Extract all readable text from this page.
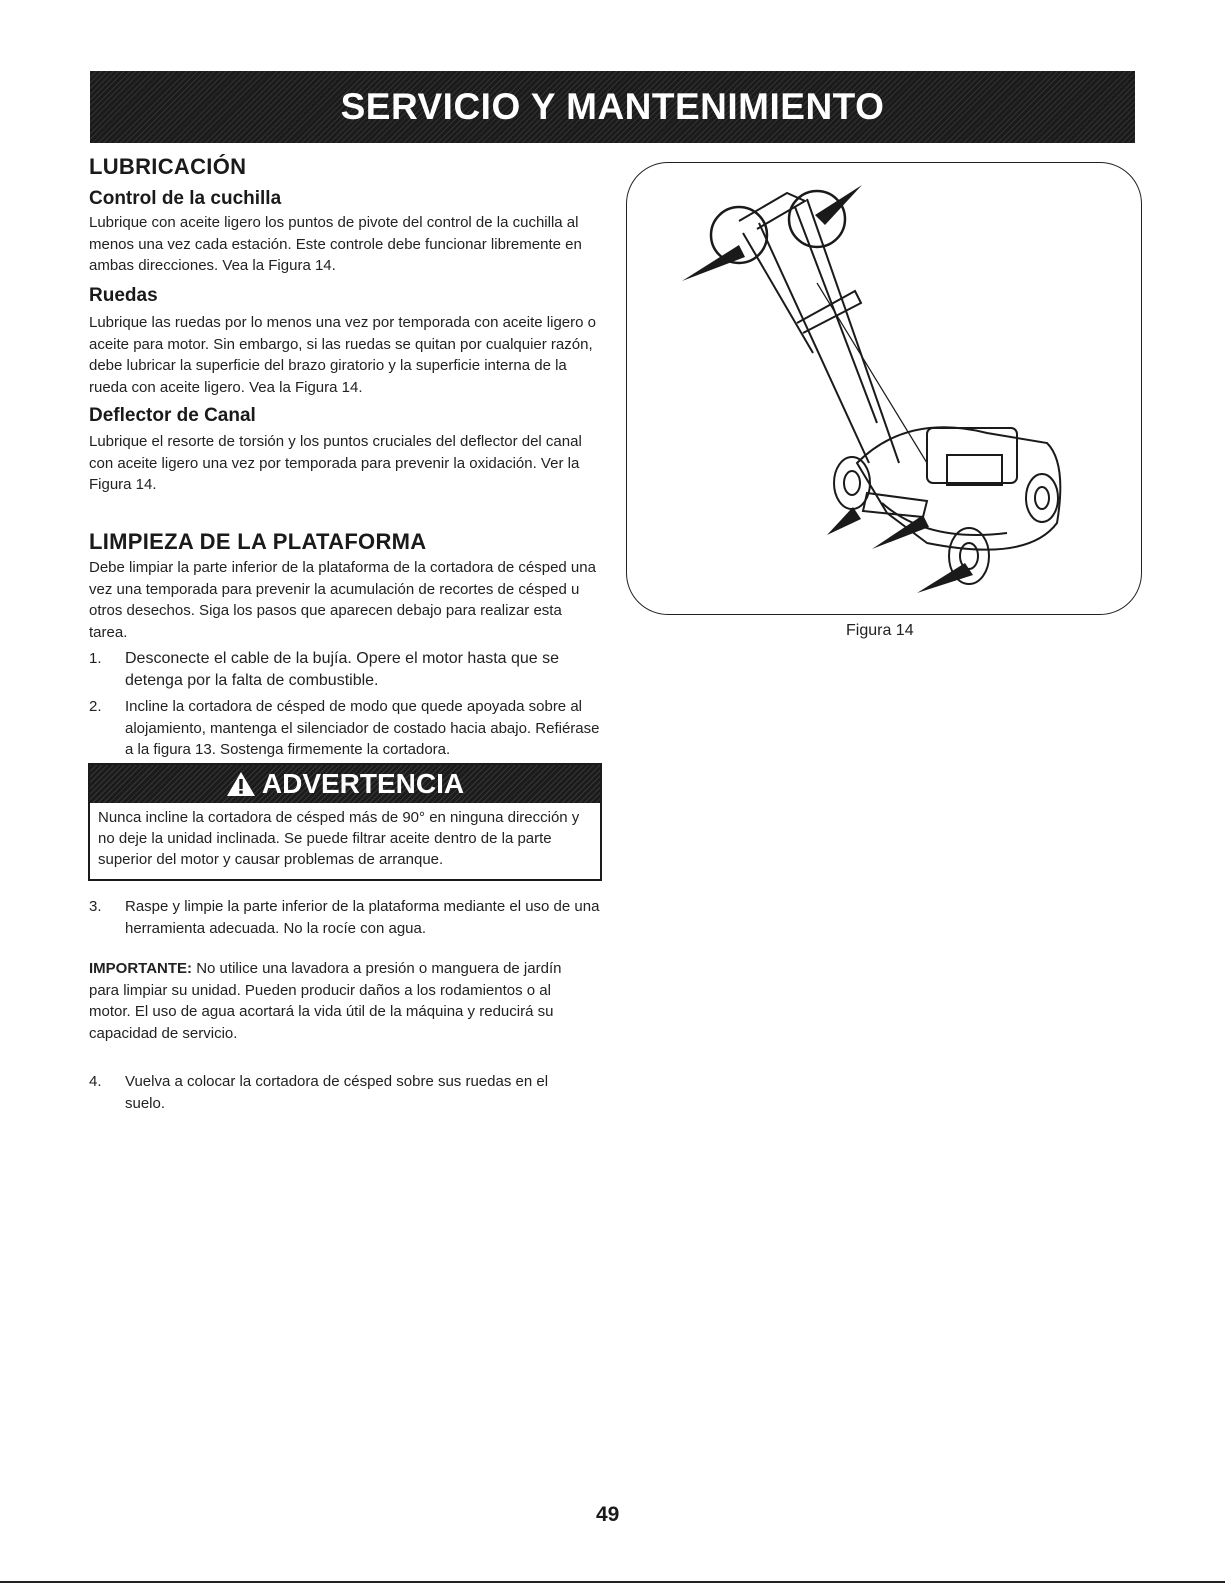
SERVICIO Y MANTENIMIENTO
LUBRICACIÓN
Control de la cuchilla

Lubrique con aceite ligero los puntos de pivote del control de la cuchilla al menos una vez cada estación. Este controle debe funcionar libremente en ambas direcciones. Vea la Figura 14.

Ruedas

Lubrique las ruedas por lo menos una vez por temporada con aceite ligero o aceite para motor. Sin embargo, si las ruedas se quitan por cualquier razón, debe lubricar la superficie del brazo giratorio y la superficie interna de la rueda con aceite ligero. Vea la Figura 14.

Deflector de Canal

Lubrique el resorte de torsión y los puntos cruciales del deflector del canal con aceite ligero una vez por temporada para prevenir la oxidación. Ver la Figura 14.

LIMPIEZA DE LA PLATAFORMA

Debe limpiar la parte inferior de la plataforma de la cortadora de césped una vez una temporada para prevenir la acumulación de recortes de césped u otros desechos. Siga los pasos que aparecen debajo para realizar esta tarea.

1.	Desconecte el cable de la bujía. Opere el motor hasta que se detenga por la falta de combustible.
2.	Incline la cortadora de césped de modo que quede apoyada sobre al alojamiento, mantenga el silenciador de costado hacia abajo. Refiérase a la figura 13. Sostenga firmemente la cortadora.
ADVERTENCIA

Nunca incline la cortadora de césped más de 90° en ninguna dirección y no deje la unidad inclinada. Se puede filtrar aceite dentro de la parte superior del motor y causar problemas de arranque.

3.	Raspe y limpie la parte inferior de la plataforma mediante el uso de una herramienta adecuada. No la rocíe con agua.

IMPORTANTE: No utilice una lavadora a presión o manguera de jardín para limpiar su unidad. Pueden producir daños a los rodamientos o al motor. El uso de agua acortará la vida útil de la máquina y reducirá su capacidad de servicio.

4.	Vuelva a colocar la cortadora de césped sobre sus ruedas en el suelo.
Figura 14
49
